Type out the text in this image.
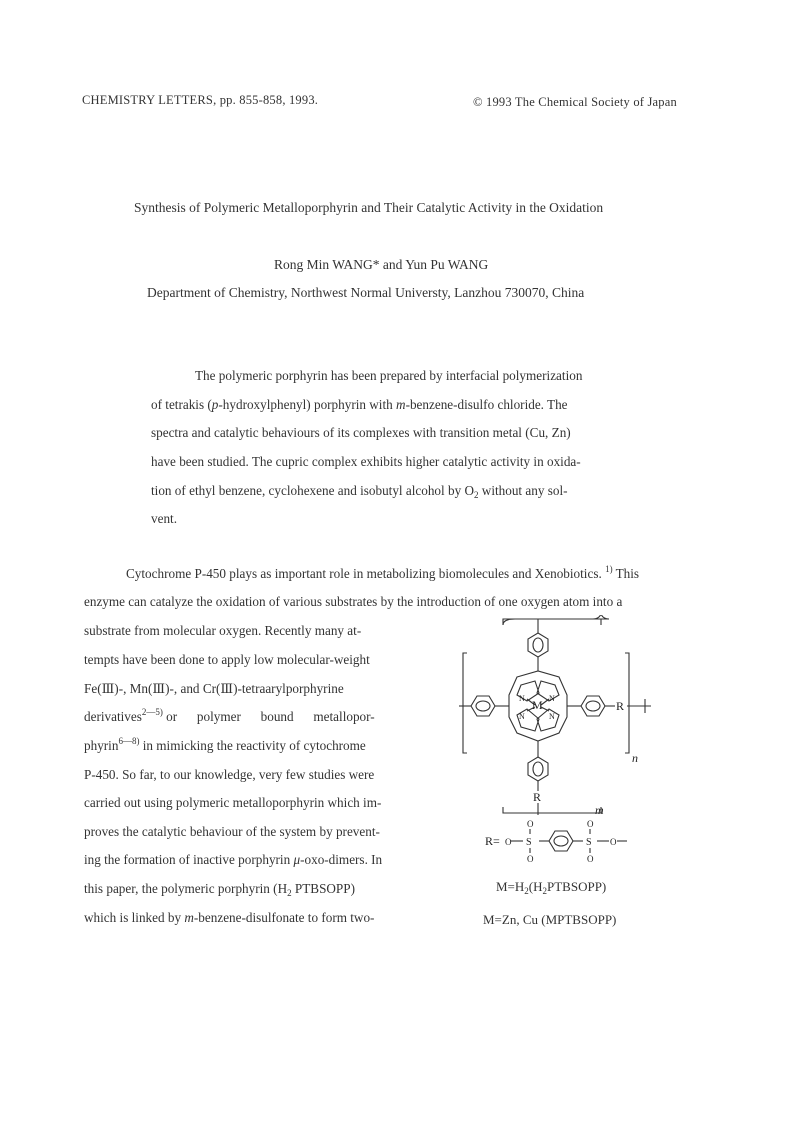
CHEMISTRY LETTERS, pp. 855-858, 1993.	© 1993 The Chemical Society of Japan
Synthesis of Polymeric Metalloporphyrin and Their Catalytic Activity in the Oxidation
Rong Min WANG* and Yun Pu WANG
Department of Chemistry, Northwest Normal Universty, Lanzhou 730070, China
The polymeric porphyrin has been prepared by interfacial polymerization
of tetrakis (p-hydroxylphenyl) porphyrin with m-benzene-disulfo chloride. The
spectra and catalytic behaviours of its complexes with transition metal (Cu, Zn)
have been studied. The cupric complex exhibits higher catalytic activity in oxida-
tion of ethyl benzene, cyclohexene and isobutyl alcohol by $O_2$ without any sol-
vent.
Cytochrome P-450 plays as important role in metabolizing biomolecules and Xenobiotics. $^{1)}$ This
enzyme can catalyze the oxidation of various substrates by the introduction of one oxygen atom into a
substrate from molecular oxygen. Recently many at-
tempts have been done to apply low molecular-weight
Fe(Ⅲ)-, Mn(Ⅲ)-, and Cr(Ⅲ)-tetraarylporphyrine
derivatives$^{2—5)}$ or      polymer      bound      metallopor-
phyrin$^{6—8)}$ in mimicking the reactivity of cytochrome
P-450. So far, to our knowledge, very few studies were
carried out using polymeric metalloporphyrin which im-
proves the catalytic behaviour of the system by prevent-
ing the formation of inactive porphyrin μ-oxo-dimers. In
this paper, the polymeric porphyrin ($H_2$ PTBSOPP)
which is linked by m-benzene-disulfonate to form two-
M
N	N
N	N
R
R
n
m
R= O S
O
O
S
O
O
O
$M=H_2(H_2PTBSOPP)$
M=Zn, Cu (MPTBSOPP)
